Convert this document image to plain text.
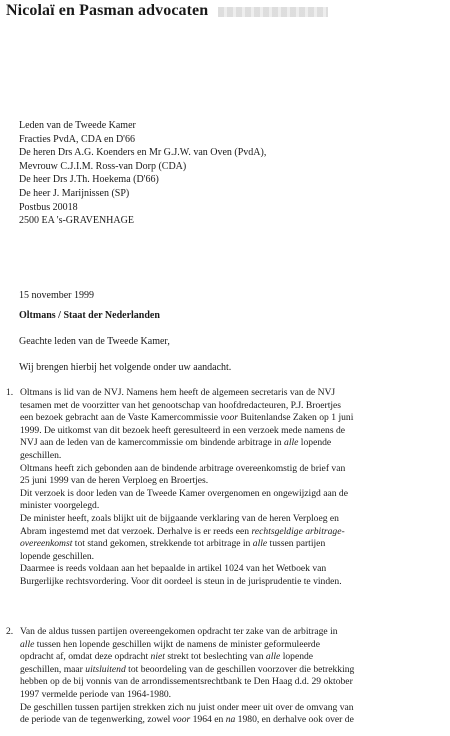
Nicolaï en Pasman advocaten
Leden van de Tweede Kamer
Fracties PvdA, CDA en D'66
De heren Drs A.G. Koenders en Mr G.J.W. van Oven (PvdA),
Mevrouw C.J.I.M. Ross-van Dorp (CDA)
De heer Drs J.Th. Hoekema (D'66)
De heer J. Marijnissen (SP)
Postbus 20018
2500 EA 's-GRAVENHAGE
15 november 1999
Oltmans / Staat der Nederlanden
Geachte leden van de Tweede Kamer,
Wij brengen hierbij het volgende onder uw aandacht.
1. Oltmans is lid van de NVJ. Namens hem heeft de algemeen secretaris van de NVJ
tesamen met de voorzitter van het genootschap van hoofdredacteuren, P.J. Broertjes
een bezoek gebracht aan de Vaste Kamercommissie voor Buitenlandse Zaken op 1 juni
1999. De uitkomst van dit bezoek heeft geresulteerd in een verzoek mede namens de
NVJ aan de leden van de kamercommissie om bindende arbitrage in alle lopende
geschillen.
Oltmans heeft zich gebonden aan de bindende arbitrage overeenkomstig de brief van
25 juni 1999 van de heren Verploeg en Broertjes.
Dit verzoek is door leden van de Tweede Kamer overgenomen en ongewijzigd aan de
minister voorgelegd.
De minister heeft, zoals blijkt uit de bijgaande verklaring van de heren Verploeg en
Abram ingestemd met dat verzoek. Derhalve is er reeds een rechtsgeldige arbitrage-
overeenkomst tot stand gekomen, strekkende tot arbitrage in alle tussen partijen
lopende geschillen.
Daarmee is reeds voldaan aan het bepaalde in artikel 1024 van het Wetboek van
Burgerlijke rechtsvordering. Voor dit oordeel is steun in de jurisprudentie te vinden.
2. Van de aldus tussen partijen overeengekomen opdracht ter zake van de arbitrage in
alle tussen hen lopende geschillen wijkt de namens de minister geformuleerde
opdracht af, omdat deze opdracht niet strekt tot beslechting van alle lopende
geschillen, maar uitsluitend tot beoordeling van de geschillen voorzover die betrekking
hebben op de bij vonnis van de arrondissementsrechtbank te Den Haag d.d. 29 oktober
1997 vermelde periode van 1964-1980.
De geschillen tussen partijen strekken zich nu juist onder meer uit over de omvang van
de periode van de tegenwerking, zowel voor 1964 en na 1980, en derhalve ook over de
